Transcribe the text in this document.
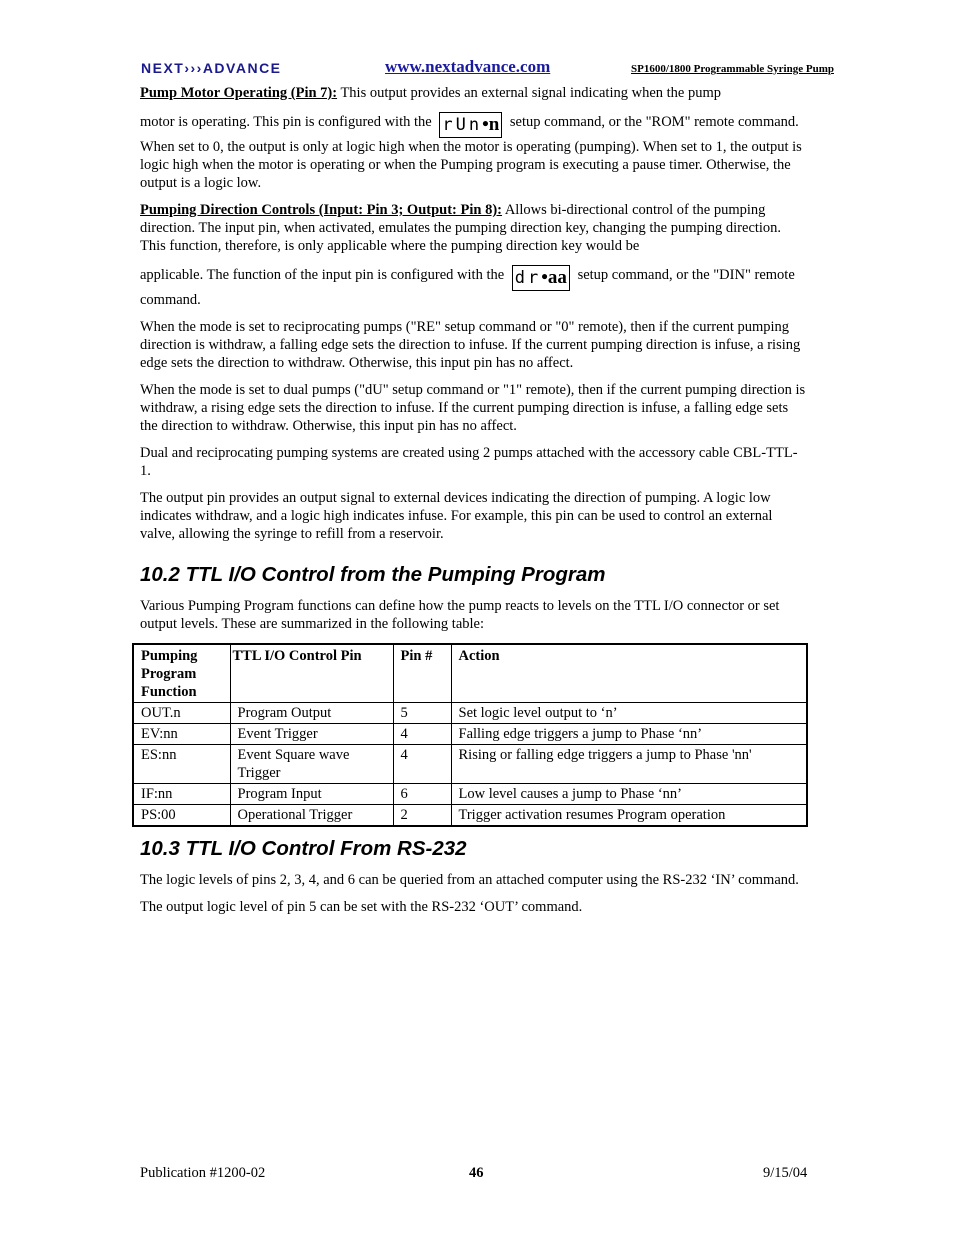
NEXT›››ADVANCE	www.nextadvance.com	SP1600/1800 Programmable Syringe Pump

Pump Motor Operating (Pin 7): This output provides an external signal indicating when the pump

motor is operating. This pin is configured with the rUn•n setup command, or the "ROM" remote command. When set to 0, the output is only at logic high when the motor is operating (pumping). When set to 1, the output is logic high when the motor is operating or when the Pumping program is executing a pause timer. Otherwise, the output is a logic low.

Pumping Direction Controls (Input: Pin 3; Output: Pin 8): Allows bi-directional control of the pumping direction. The input pin, when activated, emulates the pumping direction key, changing the pumping direction. This function, therefore, is only applicable where the pumping direction key would be
applicable. The function of the input pin is configured with the dr•aa setup command, or the "DIN" remote command.

When the mode is set to reciprocating pumps ("RE" setup command or "0" remote), then if the current pumping direction is withdraw, a falling edge sets the direction to infuse. If the current pumping direction is infuse, a rising edge sets the direction to withdraw. Otherwise, this input pin has no affect.

When the mode is set to dual pumps ("dU" setup command or "1" remote), then if the current pumping direction is withdraw, a rising edge sets the direction to infuse. If the current pumping direction is infuse, a falling edge sets the direction to withdraw. Otherwise, this input pin has no affect.

Dual and reciprocating pumping systems are created using 2 pumps attached with the accessory cable CBL-TTL-1.

The output pin provides an output signal to external devices indicating the direction of pumping. A logic low indicates withdraw, and a logic high indicates infuse. For example, this pin can be used to control an external valve, allowing the syringe to refill from a reservoir.

10.2 TTL I/O Control from the Pumping Program

Various Pumping Program functions can define how the pump reacts to levels on the TTL I/O connector or set output levels. These are summarized in the following table:

Pumping Program Function	TTL I/O Control Pin	Pin #	Action
OUT.n	Program Output	5	Set logic level output to ‘n’
EV:nn	Event Trigger	4	Falling edge triggers a jump to Phase ‘nn’
ES:nn	Event Square wave Trigger	4	Rising or falling edge triggers a jump to Phase 'nn'
IF:nn	Program Input	6	Low level causes a jump to Phase ‘nn’
PS:00	Operational Trigger	2	Trigger activation resumes Program operation
10.3 TTL I/O Control From RS-232

The logic levels of pins 2, 3, 4, and 6 can be queried from an attached computer using the RS-232 ‘IN’ command.

The output logic level of pin 5 can be set with the RS-232 ‘OUT’ command.

Publication #1200-02	46	9/15/04
